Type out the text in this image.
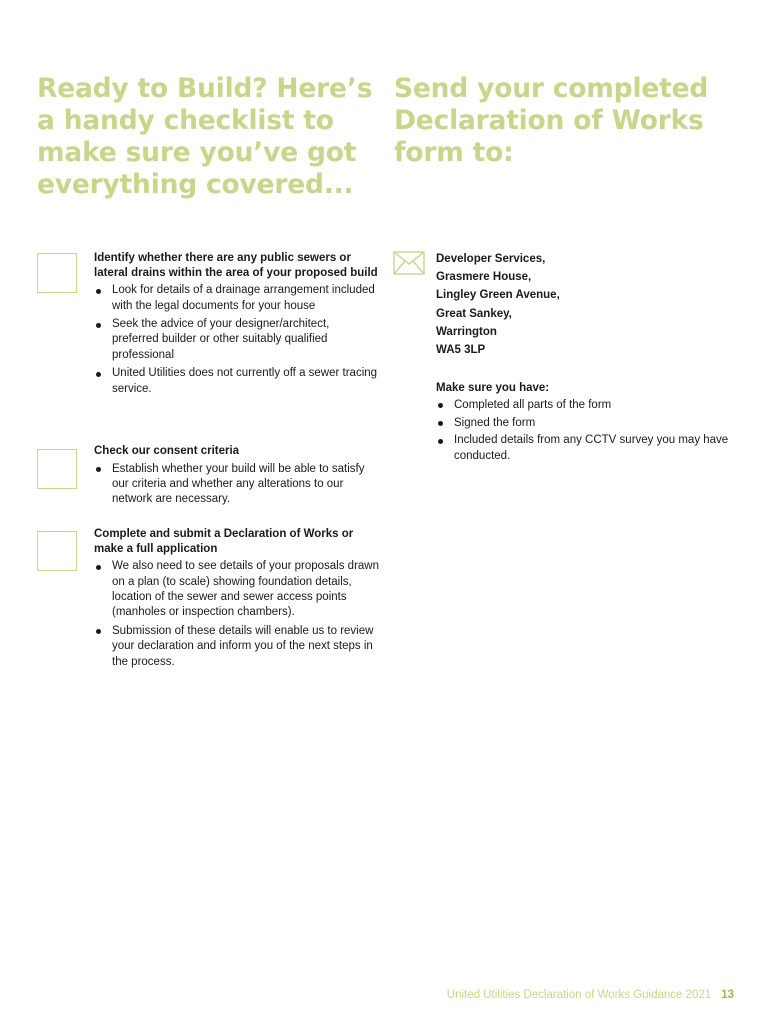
Ready to Build? Here’s
a handy checklist to
make sure you’ve got
everything covered...
Send your completed
Declaration of Works
form to:

Identify whether there are any public sewers or lateral drains within the area of your proposed build

Look for details of a drainage arrangement included with the legal documents for your house
Seek the advice of your designer/architect, preferred builder or other suitably qualified professional
United Utilities does not currently off a sewer tracing service.

Check our consent criteria

Establish whether your build will be able to satisfy our criteria and whether any alterations to our network are necessary.

Complete and submit a Declaration of Works or make a full application

We also need to see details of your proposals drawn on a plan (to scale) showing foundation details, location of the sewer and sewer access points (manholes or inspection chambers).
Submission of these details will enable us to review your declaration and inform you of the next steps in the process.
Developer Services,
Grasmere House,
Lingley Green Avenue,
Great Sankey,
Warrington
WA5 3LP

Make sure you have:

Completed all parts of the form
Signed the form
Included details from any CCTV survey you may have conducted.
United Utilities Declaration of Works Guidance 2021 13
